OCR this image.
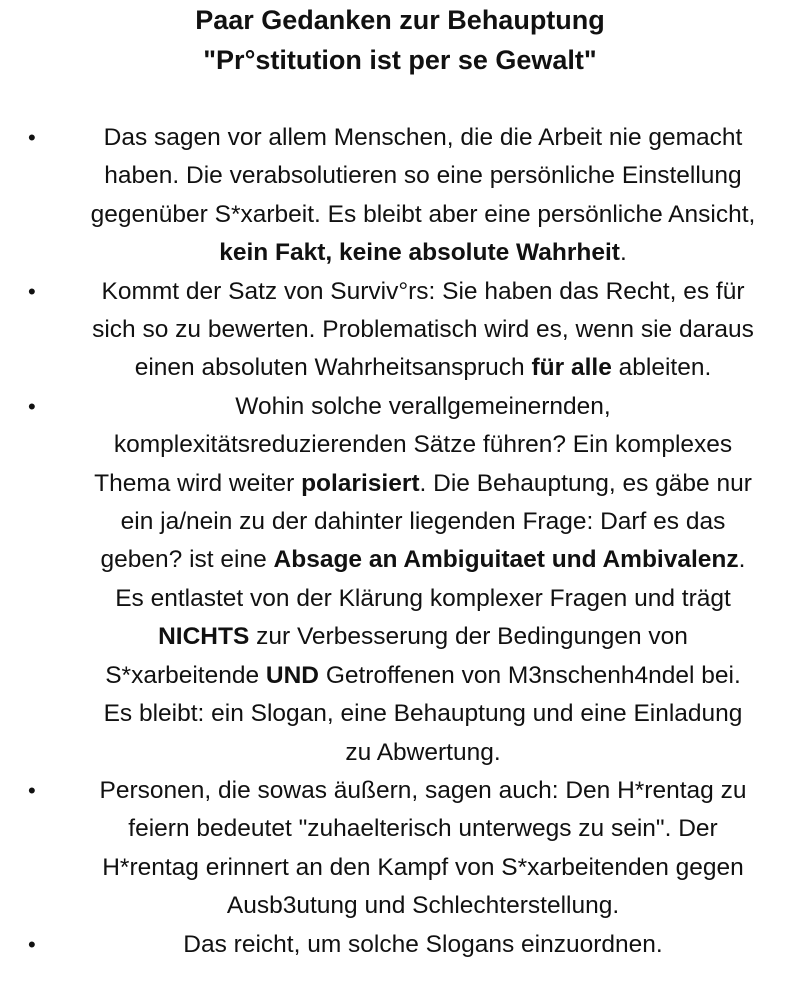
Paar Gedanken zur Behauptung
"Pr°stitution ist per se Gewalt"
•	Das sagen vor allem Menschen, die die Arbeit nie gemacht
haben. Die verabsolutieren so eine persönliche Einstellung
gegenüber S*xarbeit. Es bleibt aber eine persönliche Ansicht,
kein Fakt, keine absolute Wahrheit.
•	Kommt der Satz von Surviv°rs: Sie haben das Recht, es für
sich so zu bewerten. Problematisch wird es, wenn sie daraus
einen absoluten Wahrheitsanspruch für alle ableiten.
•	Wohin solche verallgemeinernden,
komplexitätsreduzierenden Sätze führen? Ein komplexes
Thema wird weiter polarisiert. Die Behauptung, es gäbe nur
ein ja/nein zu der dahinter liegenden Frage: Darf es das
geben? ist eine Absage an Ambiguitaet und Ambivalenz.
Es entlastet von der Klärung komplexer Fragen und trägt
NICHTS zur Verbesserung der Bedingungen von
S*xarbeitende UND Getroffenen von M3nschenh4ndel bei.
Es bleibt: ein Slogan, eine Behauptung und eine Einladung
zu Abwertung.
•	Personen, die sowas äußern, sagen auch: Den H*rentag zu
feiern bedeutet "zuhaelterisch unterwegs zu sein". Der
H*rentag erinnert an den Kampf von S*xarbeitenden gegen
Ausb3utung und Schlechterstellung.
•	Das reicht, um solche Slogans einzuordnen.
